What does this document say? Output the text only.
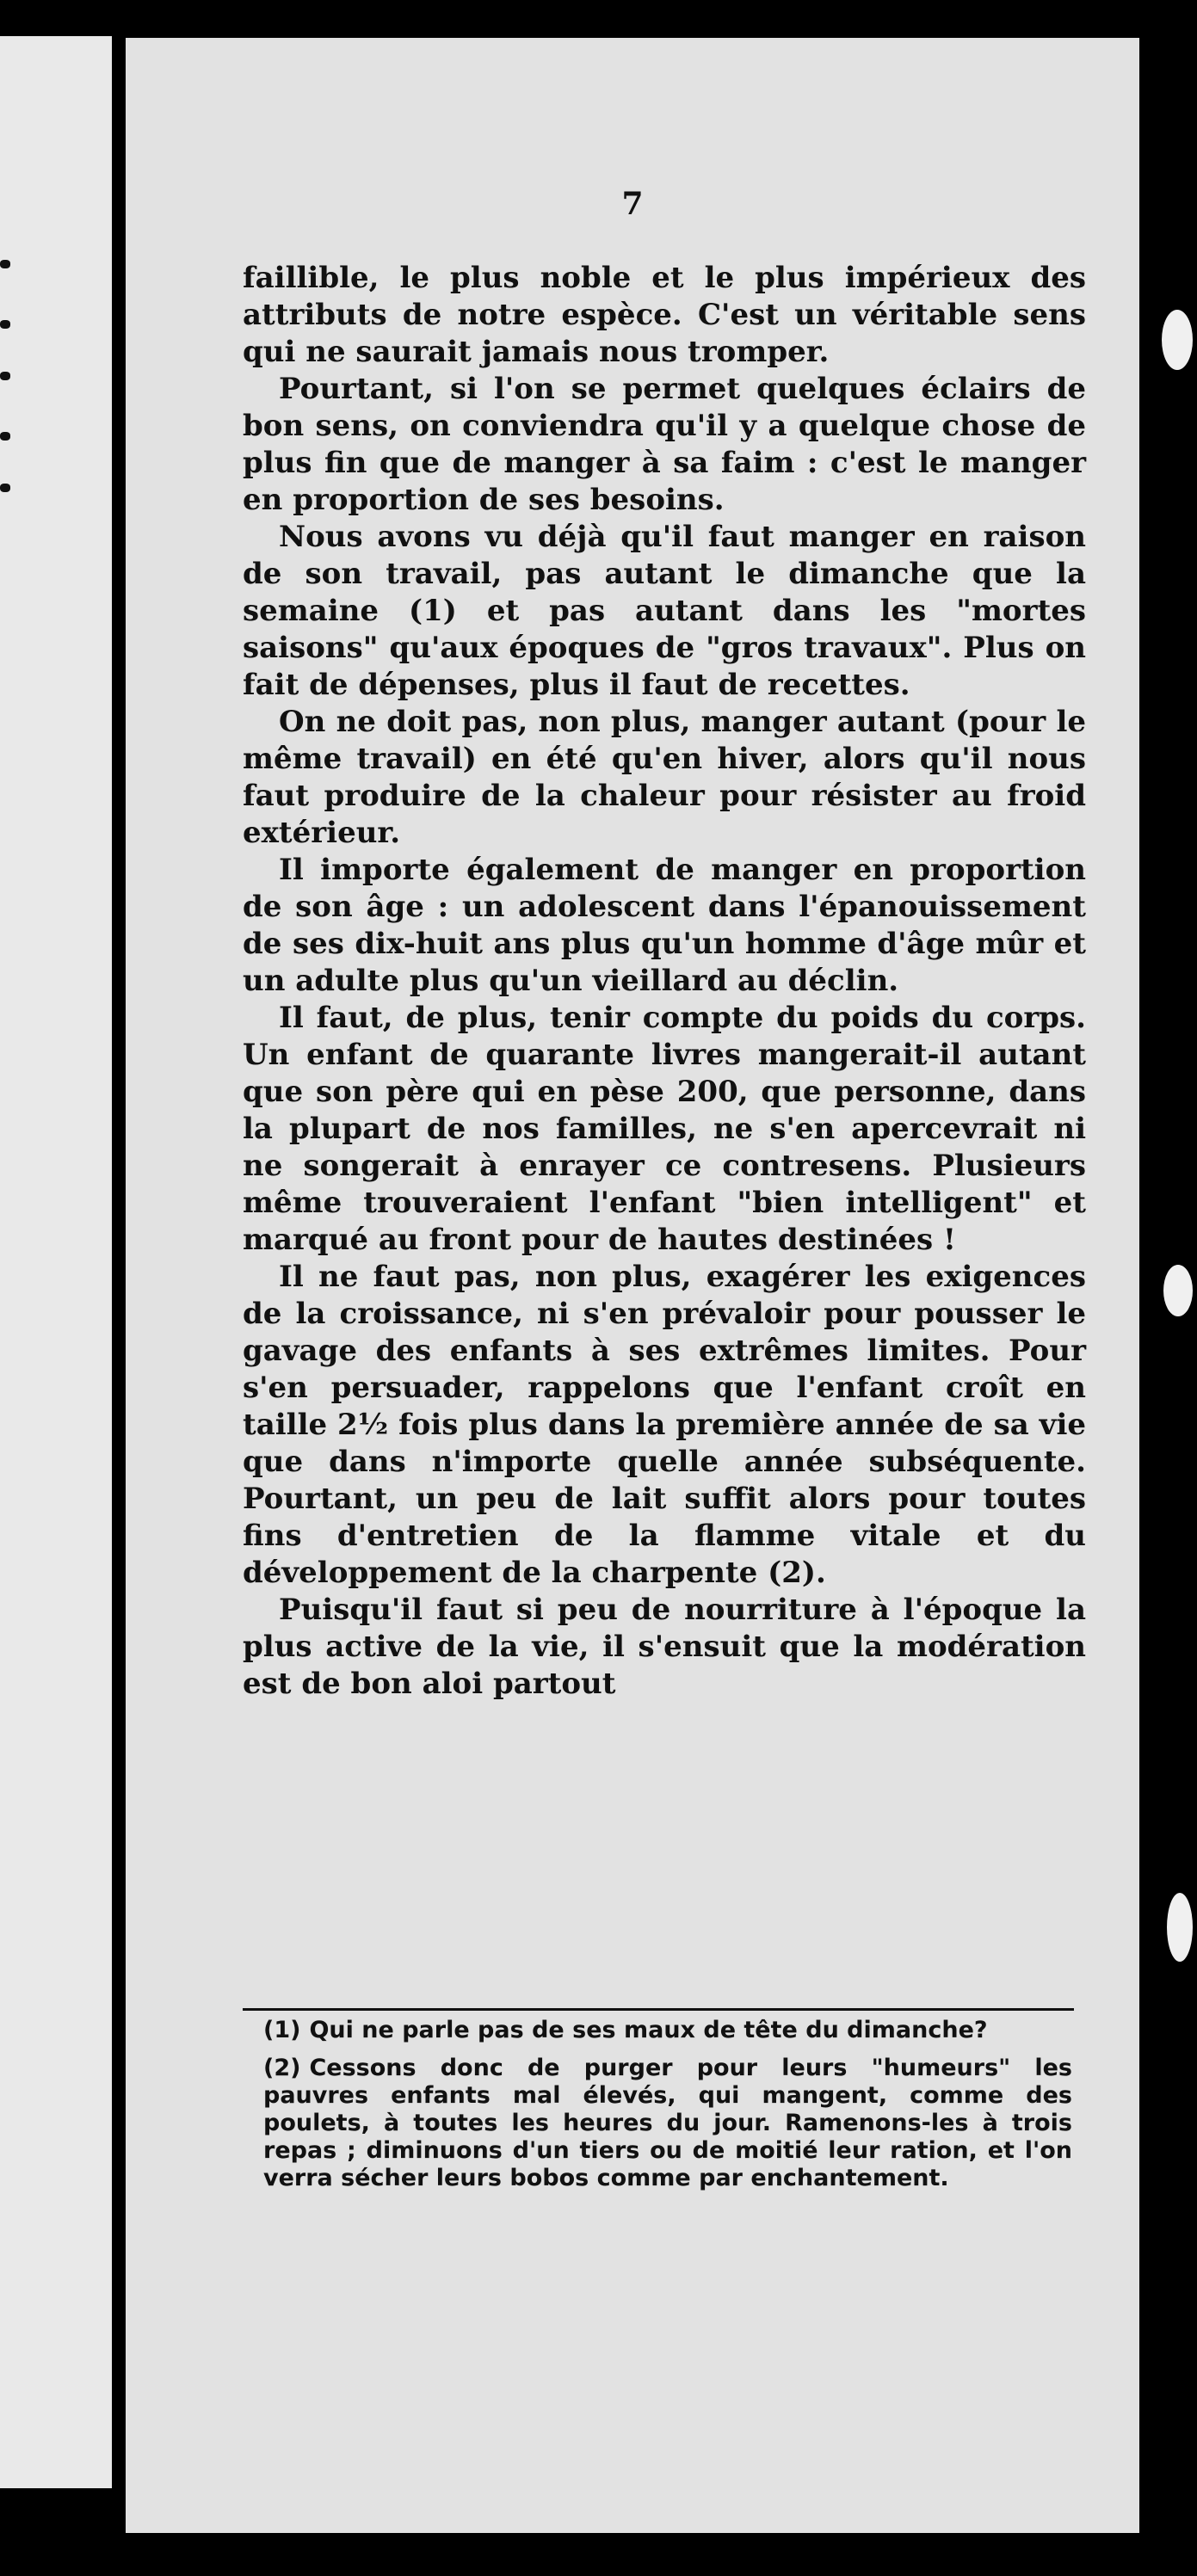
7

faillible, le plus noble et le plus impérieux des attributs de notre espèce. C'est un véritable sens qui ne saurait jamais nous tromper.

Pourtant, si l'on se permet quelques éclairs de bon sens, on conviendra qu'il y a quelque chose de plus fin que de manger à sa faim : c'est le manger en proportion de ses besoins.

Nous avons vu déjà qu'il faut manger en raison de son travail, pas autant le dimanche que la semaine (1) et pas autant dans les "mortes saisons" qu'aux époques de "gros travaux". Plus on fait de dépenses, plus il faut de recettes.

On ne doit pas, non plus, manger autant (pour le même travail) en été qu'en hiver, alors qu'il nous faut produire de la chaleur pour résister au froid extérieur.

Il importe également de manger en proportion de son âge : un adolescent dans l'épanouissement de ses dix-huit ans plus qu'un homme d'âge mûr et un adulte plus qu'un vieillard au déclin.

Il faut, de plus, tenir compte du poids du corps. Un enfant de quarante livres mangerait-il autant que son père qui en pèse 200, que personne, dans la plupart de nos familles, ne s'en apercevrait ni ne songerait à enrayer ce contresens. Plusieurs même trouveraient l'enfant "bien intelligent" et marqué au front pour de hautes destinées !

Il ne faut pas, non plus, exagérer les exigences de la croissance, ni s'en prévaloir pour pousser le gavage des enfants à ses extrêmes limites. Pour s'en persuader, rappelons que l'enfant croît en taille 2½ fois plus dans la première année de sa vie que dans n'importe quelle année subséquente. Pourtant, un peu de lait suffit alors pour toutes fins d'entretien de la flamme vitale et du développement de la charpente (2).

Puisqu'il faut si peu de nourriture à l'époque la plus active de la vie, il s'ensuit que la modération est de bon aloi partout

(1) Qui ne parle pas de ses maux de tête du dimanche?

(2) Cessons donc de purger pour leurs "humeurs" les pauvres enfants mal élevés, qui mangent, comme des poulets, à toutes les heures du jour. Ramenons-les à trois repas ; diminuons d'un tiers ou de moitié leur ration, et l'on verra sécher leurs bobos comme par enchantement.
